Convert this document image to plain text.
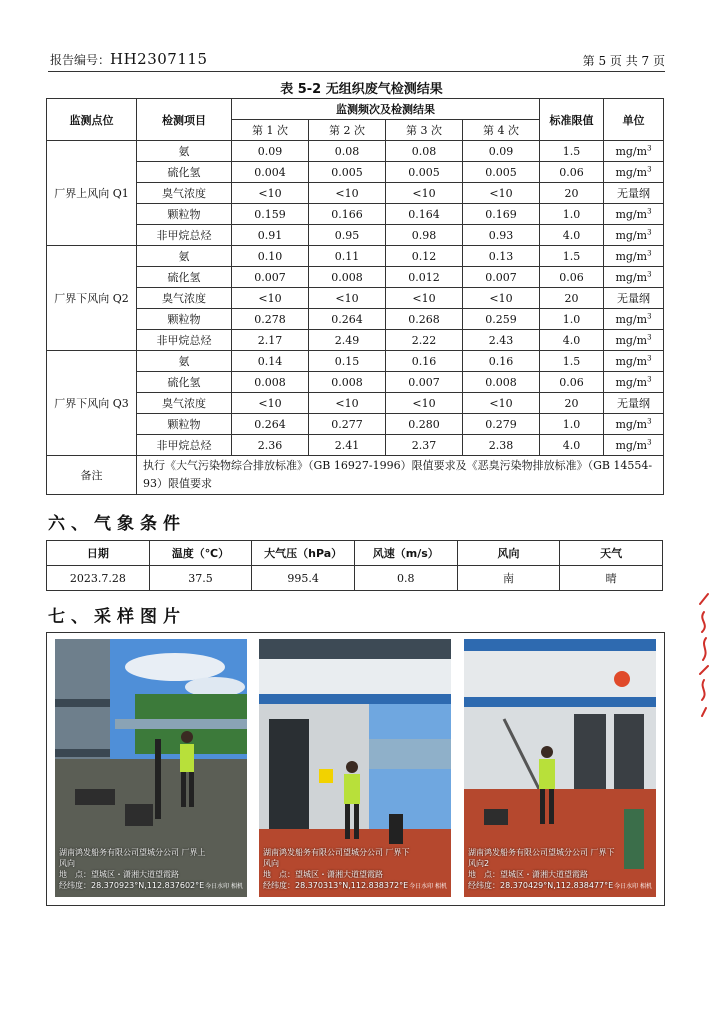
报告编号：HH2307115	第 5 页 共 7 页
表 5-2 无组织废气检测结果
监测点位	检测项目	监测频次及检测结果				标准限值	单位
		第 1 次	第 2 次	第 3 次	第 4 次		
厂界上风向 Q1	氨	0.09	0.08	0.08	0.09	1.5	$mg/m^3$
	硫化氢	0.004	0.005	0.005	0.005	0.06	$mg/m^3$
	臭气浓度	<10	<10	<10	<10	20	无量纲
	颗粒物	0.159	0.166	0.164	0.169	1.0	$mg/m^3$
	非甲烷总烃	0.91	0.95	0.98	0.93	4.0	$mg/m^3$
厂界下风向 Q2	氨	0.10	0.11	0.12	0.13	1.5	$mg/m^3$
	硫化氢	0.007	0.008	0.012	0.007	0.06	$mg/m^3$
	臭气浓度	<10	<10	<10	<10	20	无量纲
	颗粒物	0.278	0.264	0.268	0.259	1.0	$mg/m^3$
	非甲烷总烃	2.17	2.49	2.22	2.43	4.0	$mg/m^3$
厂界下风向 Q3	氨	0.14	0.15	0.16	0.16	1.5	$mg/m^3$
	硫化氢	0.008	0.008	0.007	0.008	0.06	$mg/m^3$
	臭气浓度	<10	<10	<10	<10	20	无量纲
	颗粒物	0.264	0.277	0.280	0.279	1.0	$mg/m^3$
	非甲烷总烃	2.36	2.41	2.37	2.38	4.0	$mg/m^3$
备注	执行《大气污染物综合排放标准》（GB 16927-1996）限值要求及《恶臭污染物排放标准》（GB 14554-93）限值要求						
六、气象条件
日期	温度（℃）	大气压（hPa）	风速（m/s）	风向	天气
2023.7.28	37.5	995.4	0.8	南	晴
七、采样图片
湖南鸿发船务有限公司望城分公司 厂界上风向
地　点：望城区・潇湘大道望霞路
经纬度：28.370923°N,112.837602°E 今日水印 相机
湖南鸿发船务有限公司望城分公司 厂界下风向
地　点：望城区・潇湘大道望霞路
经纬度：28.370313°N,112.838372°E 今日水印 相机
湖南鸿发船务有限公司望城分公司 厂界下风向2
地　点：望城区・潇湘大道望霞路
经纬度：28.370429°N,112.838477°E 今日水印 相机
